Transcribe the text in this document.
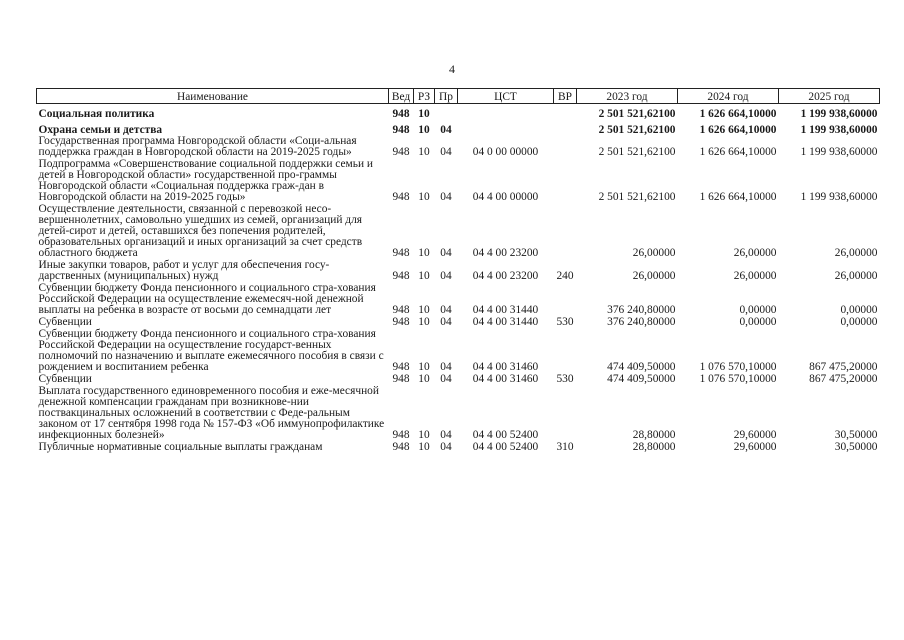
4
Наименование	Вед	РЗ	Пр	ЦСТ	ВР	2023 год	2024 год	2025 год
Социальная политика	948	10				2 501 521,62100	1 626 664,10000	1 199 938,60000
Охрана семьи и детства	948	10	04			2 501 521,62100	1 626 664,10000	1 199 938,60000
Государственная программа Новгородской области «Соци-альная поддержка граждан в Новгородской области на 2019-2025 годы»	948	10	04	04 0 00 00000		2 501 521,62100	1 626 664,10000	1 199 938,60000
Подпрограмма «Совершенствование социальной поддержки семьи и детей в Новгородской области» государственной про-граммы Новгородской области «Социальная поддержка граж-дан в Новгородской области на 2019-2025 годы»	948	10	04	04 4 00 00000		2 501 521,62100	1 626 664,10000	1 199 938,60000
Осуществление деятельности, связанной с перевозкой несо-вершеннолетних, самовольно ушедших из семей, организаций для детей-сирот и детей, оставшихся без попечения родителей, образовательных организаций и иных организаций за счет средств областного бюджета	948	10	04	04 4 00 23200		26,00000	26,00000	26,00000
Иные закупки товаров, работ и услуг для обеспечения госу-дарственных (муниципальных) нужд	948	10	04	04 4 00 23200	240	26,00000	26,00000	26,00000
Субвенции бюджету Фонда пенсионного и социального стра-хования Российской Федерации на осуществление ежемесяч-ной денежной выплаты на ребенка в возрасте от восьми до семнадцати лет	948	10	04	04 4 00 31440		376 240,80000	0,00000	0,00000
Субвенции	948	10	04	04 4 00 31440	530	376 240,80000	0,00000	0,00000
Субвенции бюджету Фонда пенсионного и социального стра-хования Российской Федерации на осуществление государст-венных полномочий по назначению и выплате ежемесячного пособия в связи с рождением и воспитанием ребенка	948	10	04	04 4 00 31460		474 409,50000	1 076 570,10000	867 475,20000
Субвенции	948	10	04	04 4 00 31460	530	474 409,50000	1 076 570,10000	867 475,20000
Выплата государственного единовременного пособия и еже-месячной денежной компенсации гражданам при возникнове-нии поствакцинальных осложнений в соответствии с Феде-ральным законом от 17 сентября 1998 года № 157-ФЗ «Об иммунопрофилактике инфекционных болезней»	948	10	04	04 4 00 52400		28,80000	29,60000	30,50000
Публичные нормативные социальные выплаты гражданам	948	10	04	04 4 00 52400	310	28,80000	29,60000	30,50000
